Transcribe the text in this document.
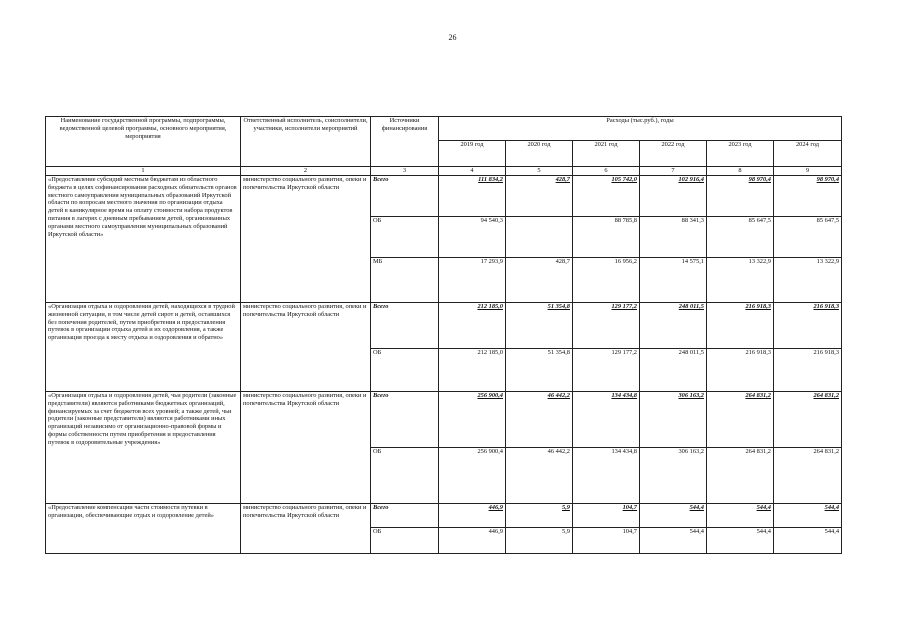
26
Наименование государственной программы, подпрограммы, ведомственной целевой программы, основного мероприятия, мероприятия	Ответственный исполнитель, соисполнители, участники, исполнители мероприятий	Источники финансирования	Расходы (тыс.руб.), годы					
			2019 год	2020 год	2021 год	2022 год	2023 год	2024 год
1	2	3	4	5	6	7	8	9
«Предоставление субсидий местным бюджетам из областного бюджета в целях софинансирования расходных обязательств органов местного самоуправления муниципальных образований Иркутской области по вопросам местного значения по организации отдыха детей в каникулярное время на оплату стоимости набора продуктов питания в лагерях с дневным пребыванием детей, организованных органами местного самоуправления муниципальных образований Иркутской области»	министерство социального развития, опеки и попечительства Иркутской области	Всего	111 834,2	428,7	105 742,0	102 916,4	98 970,4	98 970,4
		ОБ	94 540,3		88 785,8	88 341,3	85 647,5	85 647,5
		МБ	17 293,9	428,7	16 956,2	14 575,1	13 322,9	13 322,9
«Организация отдыха и оздоровления детей, находящихся в трудной жизненной ситуации, в том числе детей сирот и детей, оставшихся без попечения родителей, путем приобретения и предоставления путевок в организации отдыха детей и их оздоровления, а также организация проезда к месту отдыха и оздоровления и обратно»	министерство социального развития, опеки и попечительства Иркутской области	Всего	212 185,0	51 354,8	129 177,2	248 011,5	216 918,3	216 918,3
		ОБ	212 185,0	51 354,8	129 177,2	248 011,5	216 918,3	216 918,3
«Организация отдыха и оздоровления детей, чьи родители (законные представители) являются работниками бюджетных организаций, финансируемых за счет бюджетов всех уровней; а также детей, чьи родители (законные представители) являются работниками иных организаций независимо от организационно-правовой формы и формы собственности путем приобретения и предоставления путевок в оздоровительные учреждения»	министерство социального развития, опеки и попечительства Иркутской области	Всего	256 900,4	46 442,2	134 434,8	306 163,2	264 831,2	264 831,2
		ОБ	256 900,4	46 442,2	134 434,8	306 163,2	264 831,2	264 831,2
«Предоставление компенсации части стоимости путевки в организации, обеспечивающие отдых и оздоровление детей»	министерство социального развития, опеки и попечительства Иркутской области	Всего	446,9	5,9	104,7	544,4	544,4	544,4
		ОБ	446,9	5,9	104,7	544,4	544,4	544,4
